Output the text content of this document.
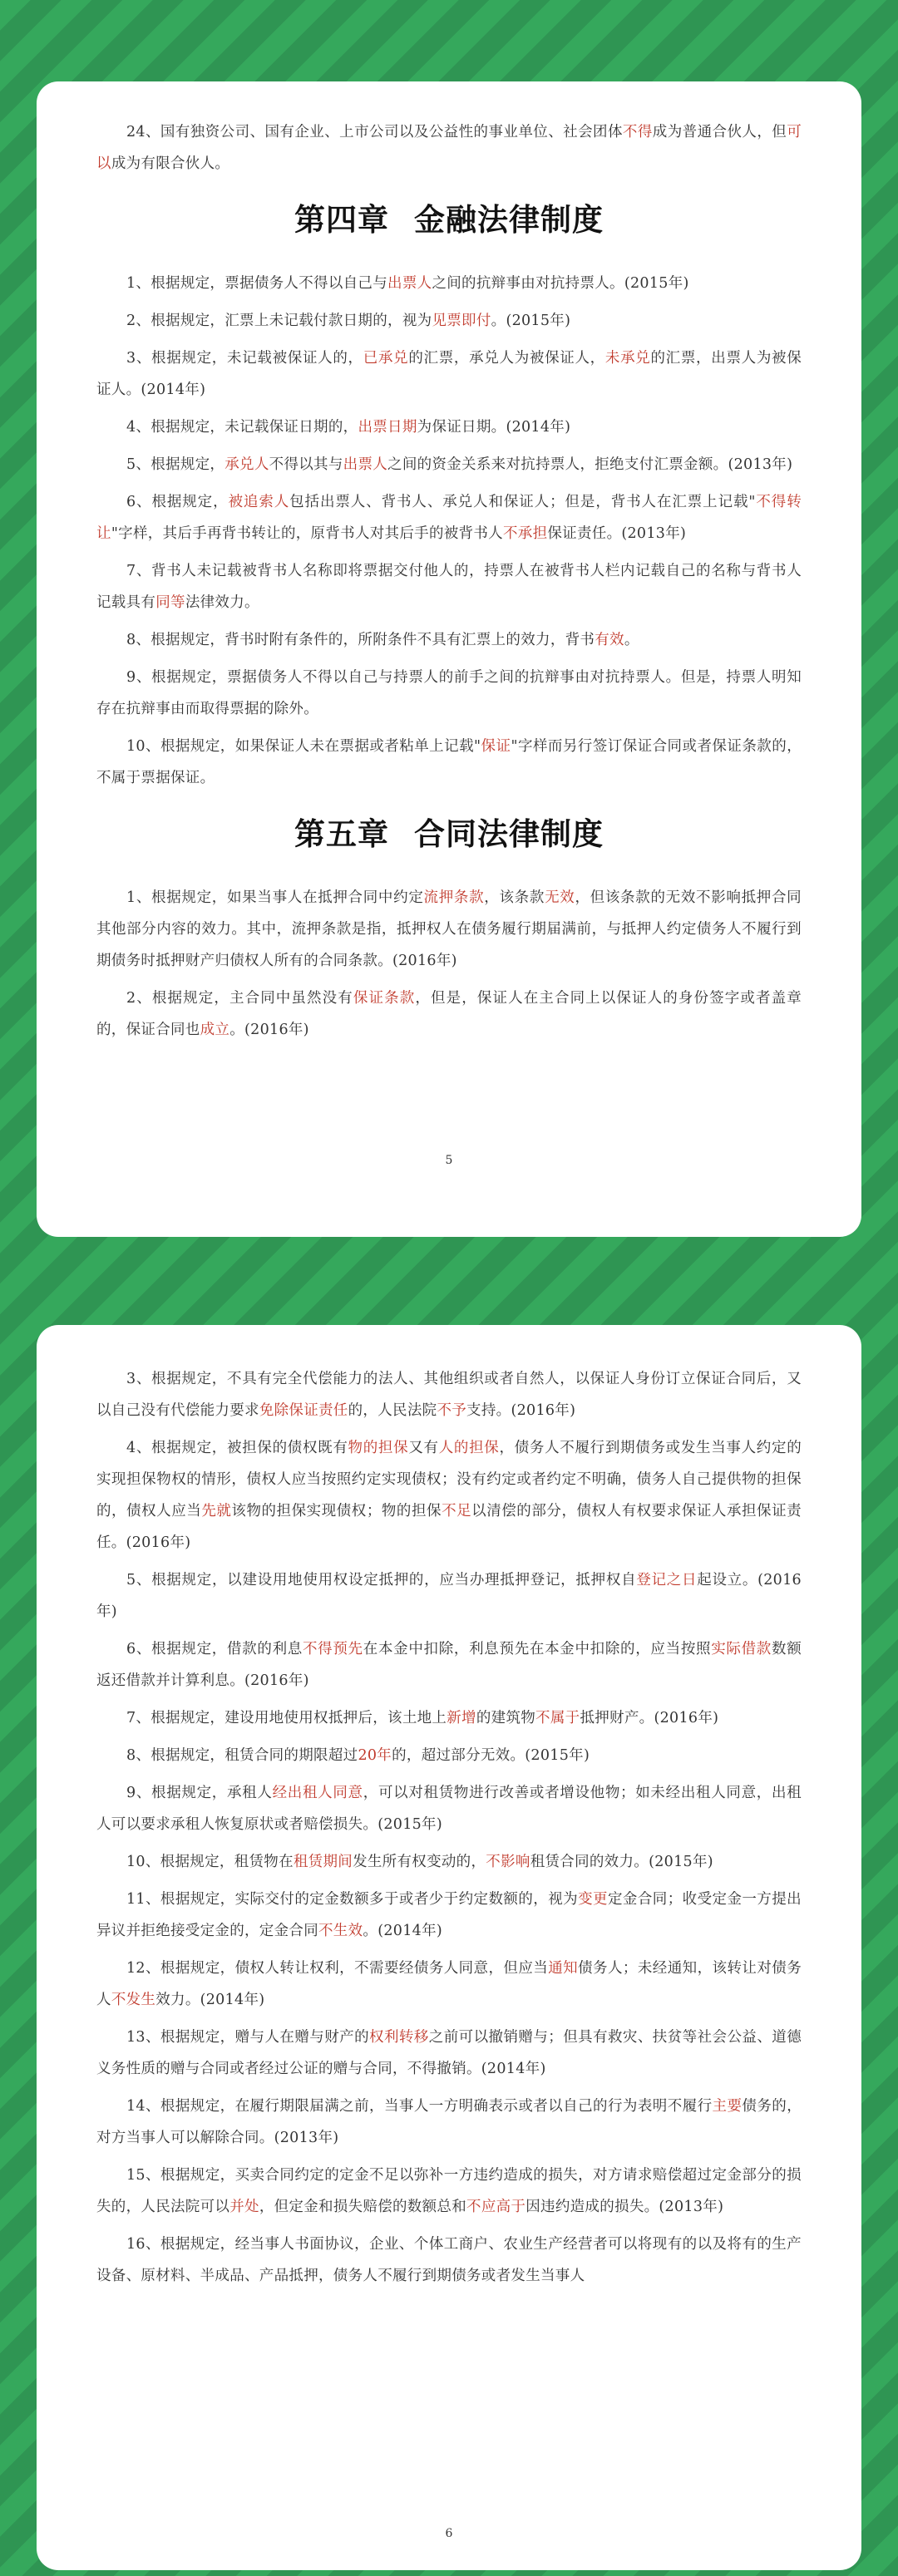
24、国有独资公司、国有企业、上市公司以及公益性的事业单位、社会团体不得成为普通合伙人，但可以成为有限合伙人。

第四章 金融法律制度

1、根据规定，票据债务人不得以自己与出票人之间的抗辩事由对抗持票人。(2015年)

2、根据规定，汇票上未记载付款日期的，视为见票即付。(2015年)

3、根据规定，未记载被保证人的，已承兑的汇票，承兑人为被保证人，未承兑的汇票，出票人为被保证人。(2014年)

4、根据规定，未记载保证日期的，出票日期为保证日期。(2014年)

5、根据规定，承兑人不得以其与出票人之间的资金关系来对抗持票人，拒绝支付汇票金额。(2013年)

6、根据规定，被追索人包括出票人、背书人、承兑人和保证人；但是，背书人在汇票上记载"不得转让"字样，其后手再背书转让的，原背书人对其后手的被背书人不承担保证责任。(2013年)

7、背书人未记载被背书人名称即将票据交付他人的，持票人在被背书人栏内记载自己的名称与背书人记载具有同等法律效力。

8、根据规定，背书时附有条件的，所附条件不具有汇票上的效力，背书有效。

9、根据规定，票据债务人不得以自己与持票人的前手之间的抗辩事由对抗持票人。但是，持票人明知存在抗辩事由而取得票据的除外。

10、根据规定，如果保证人未在票据或者粘单上记载"保证"字样而另行签订保证合同或者保证条款的，不属于票据保证。

第五章 合同法律制度

1、根据规定，如果当事人在抵押合同中约定流押条款，该条款无效，但该条款的无效不影响抵押合同其他部分内容的效力。其中，流押条款是指，抵押权人在债务履行期届满前，与抵押人约定债务人不履行到期债务时抵押财产归债权人所有的合同条款。(2016年)

2、根据规定，主合同中虽然没有保证条款，但是，保证人在主合同上以保证人的身份签字或者盖章的，保证合同也成立。(2016年)

5

3、根据规定，不具有完全代偿能力的法人、其他组织或者自然人，以保证人身份订立保证合同后，又以自己没有代偿能力要求免除保证责任的，人民法院不予支持。(2016年)

4、根据规定，被担保的债权既有物的担保又有人的担保，债务人不履行到期债务或发生当事人约定的实现担保物权的情形，债权人应当按照约定实现债权；没有约定或者约定不明确，债务人自己提供物的担保的，债权人应当先就该物的担保实现债权；物的担保不足以清偿的部分，债权人有权要求保证人承担保证责任。(2016年)

5、根据规定，以建设用地使用权设定抵押的，应当办理抵押登记，抵押权自登记之日起设立。(2016年)

6、根据规定，借款的利息不得预先在本金中扣除，利息预先在本金中扣除的，应当按照实际借款数额返还借款并计算利息。(2016年)

7、根据规定，建设用地使用权抵押后，该土地上新增的建筑物不属于抵押财产。(2016年)

8、根据规定，租赁合同的期限超过20年的，超过部分无效。(2015年)

9、根据规定，承租人经出租人同意，可以对租赁物进行改善或者增设他物；如未经出租人同意，出租人可以要求承租人恢复原状或者赔偿损失。(2015年)

10、根据规定，租赁物在租赁期间发生所有权变动的，不影响租赁合同的效力。(2015年)

11、根据规定，实际交付的定金数额多于或者少于约定数额的，视为变更定金合同；收受定金一方提出异议并拒绝接受定金的，定金合同不生效。(2014年)

12、根据规定，债权人转让权利，不需要经债务人同意，但应当通知债务人；未经通知，该转让对债务人不发生效力。(2014年)

13、根据规定，赠与人在赠与财产的权利转移之前可以撤销赠与；但具有救灾、扶贫等社会公益、道德义务性质的赠与合同或者经过公证的赠与合同，不得撤销。(2014年)

14、根据规定，在履行期限届满之前，当事人一方明确表示或者以自己的行为表明不履行主要债务的，对方当事人可以解除合同。(2013年)

15、根据规定，买卖合同约定的定金不足以弥补一方违约造成的损失，对方请求赔偿超过定金部分的损失的，人民法院可以并处，但定金和损失赔偿的数额总和不应高于因违约造成的损失。(2013年)

16、根据规定，经当事人书面协议，企业、个体工商户、农业生产经营者可以将现有的以及将有的生产设备、原材料、半成品、产品抵押，债务人不履行到期债务或者发生当事人

6
